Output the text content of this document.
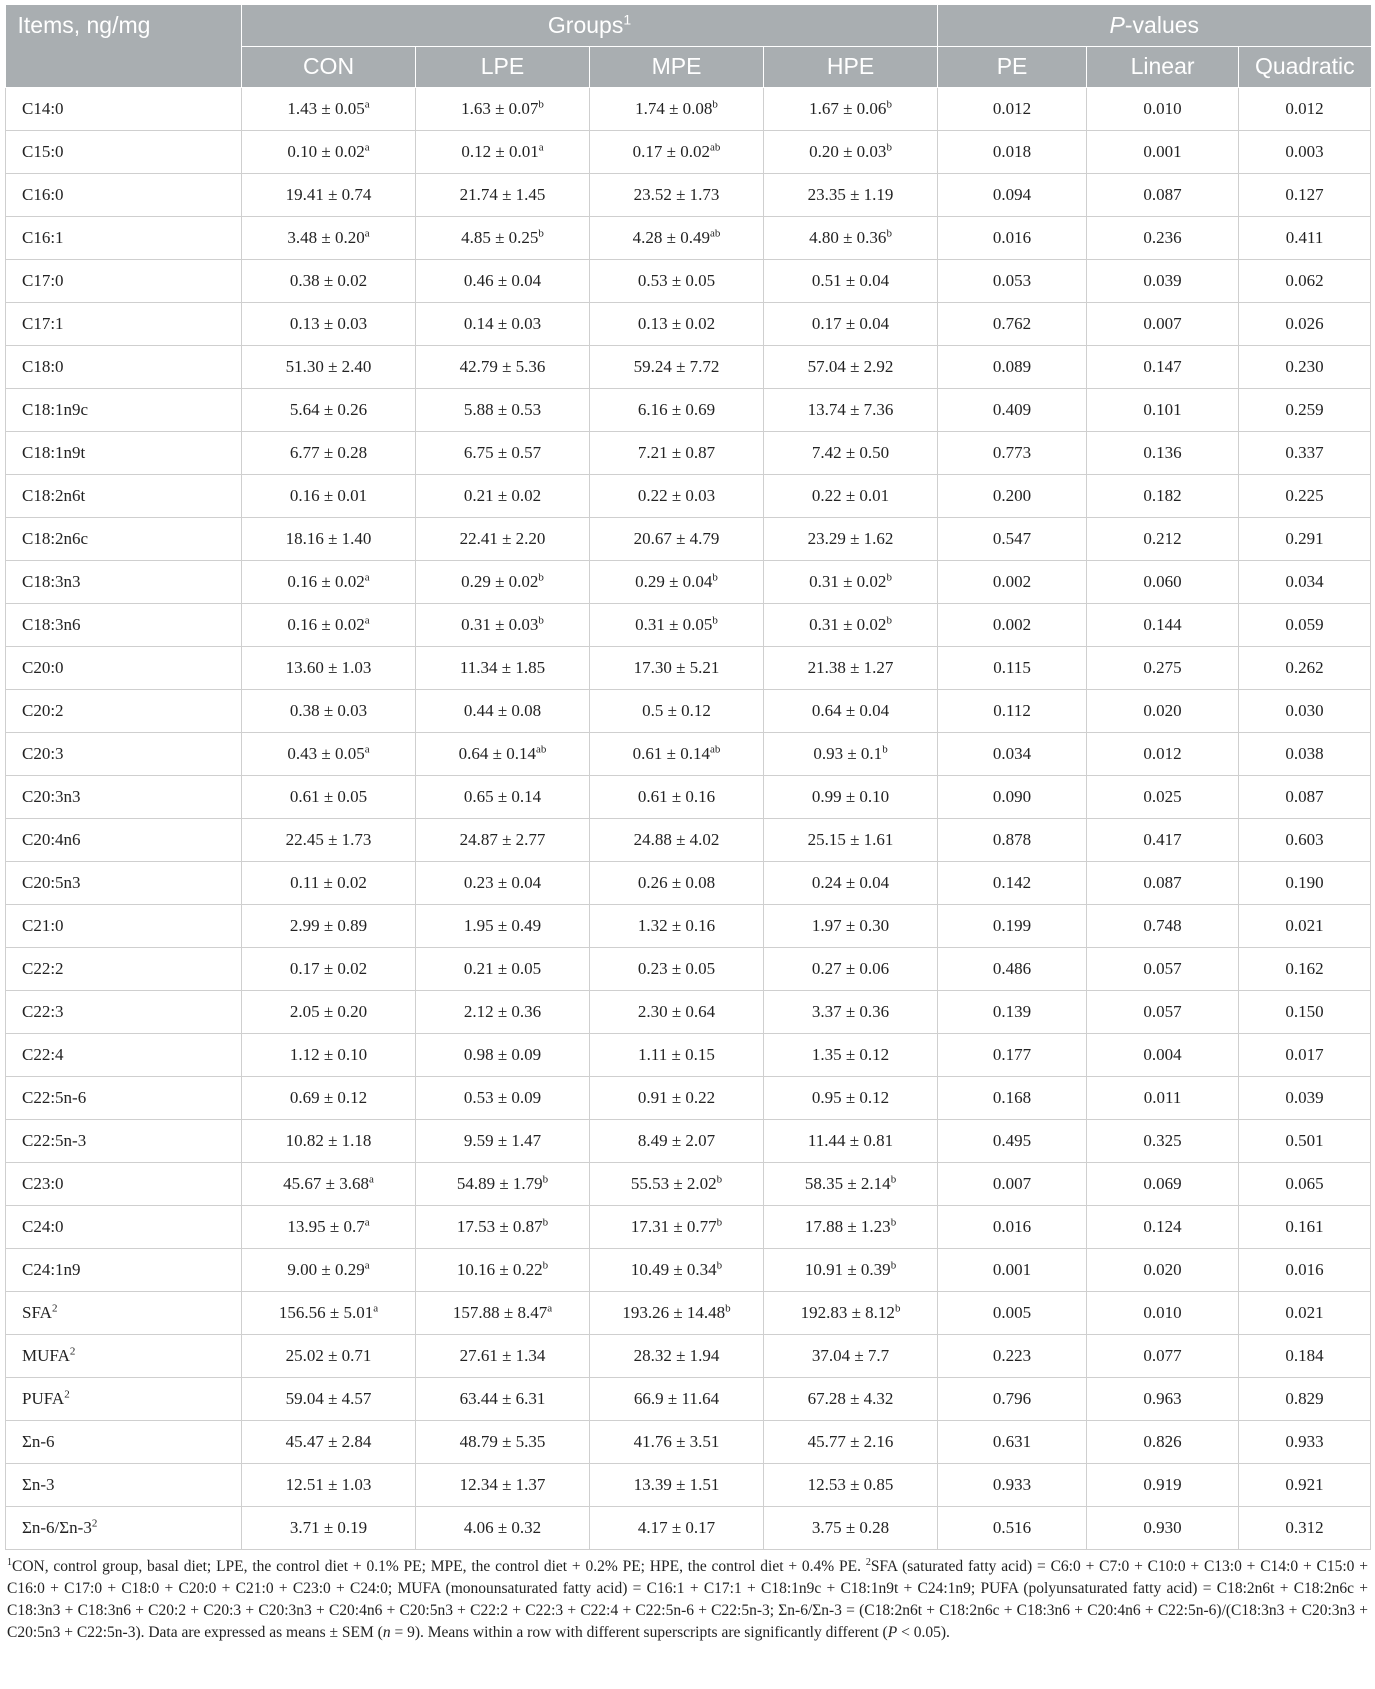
Items, ng/mg	Groups$^1$				P-values		
	CON	LPE	MPE	HPE	PE	Linear	Quadratic
C14:0	1.43 ± 0.05$^a$	1.63 ± 0.07$^b$	1.74 ± 0.08$^b$	1.67 ± 0.06$^b$	0.012	0.010	0.012
C15:0	0.10 ± 0.02$^a$	0.12 ± 0.01$^a$	0.17 ± 0.02$^{ab}$	0.20 ± 0.03$^b$	0.018	0.001	0.003
C16:0	19.41 ± 0.74	21.74 ± 1.45	23.52 ± 1.73	23.35 ± 1.19	0.094	0.087	0.127
C16:1	3.48 ± 0.20$^a$	4.85 ± 0.25$^b$	4.28 ± 0.49$^{ab}$	4.80 ± 0.36$^b$	0.016	0.236	0.411
C17:0	0.38 ± 0.02	0.46 ± 0.04	0.53 ± 0.05	0.51 ± 0.04	0.053	0.039	0.062
C17:1	0.13 ± 0.03	0.14 ± 0.03	0.13 ± 0.02	0.17 ± 0.04	0.762	0.007	0.026
C18:0	51.30 ± 2.40	42.79 ± 5.36	59.24 ± 7.72	57.04 ± 2.92	0.089	0.147	0.230
C18:1n9c	5.64 ± 0.26	5.88 ± 0.53	6.16 ± 0.69	13.74 ± 7.36	0.409	0.101	0.259
C18:1n9t	6.77 ± 0.28	6.75 ± 0.57	7.21 ± 0.87	7.42 ± 0.50	0.773	0.136	0.337
C18:2n6t	0.16 ± 0.01	0.21 ± 0.02	0.22 ± 0.03	0.22 ± 0.01	0.200	0.182	0.225
C18:2n6c	18.16 ± 1.40	22.41 ± 2.20	20.67 ± 4.79	23.29 ± 1.62	0.547	0.212	0.291
C18:3n3	0.16 ± 0.02$^a$	0.29 ± 0.02$^b$	0.29 ± 0.04$^b$	0.31 ± 0.02$^b$	0.002	0.060	0.034
C18:3n6	0.16 ± 0.02$^a$	0.31 ± 0.03$^b$	0.31 ± 0.05$^b$	0.31 ± 0.02$^b$	0.002	0.144	0.059
C20:0	13.60 ± 1.03	11.34 ± 1.85	17.30 ± 5.21	21.38 ± 1.27	0.115	0.275	0.262
C20:2	0.38 ± 0.03	0.44 ± 0.08	0.5 ± 0.12	0.64 ± 0.04	0.112	0.020	0.030
C20:3	0.43 ± 0.05$^a$	0.64 ± 0.14$^{ab}$	0.61 ± 0.14$^{ab}$	0.93 ± 0.1$^b$	0.034	0.012	0.038
C20:3n3	0.61 ± 0.05	0.65 ± 0.14	0.61 ± 0.16	0.99 ± 0.10	0.090	0.025	0.087
C20:4n6	22.45 ± 1.73	24.87 ± 2.77	24.88 ± 4.02	25.15 ± 1.61	0.878	0.417	0.603
C20:5n3	0.11 ± 0.02	0.23 ± 0.04	0.26 ± 0.08	0.24 ± 0.04	0.142	0.087	0.190
C21:0	2.99 ± 0.89	1.95 ± 0.49	1.32 ± 0.16	1.97 ± 0.30	0.199	0.748	0.021
C22:2	0.17 ± 0.02	0.21 ± 0.05	0.23 ± 0.05	0.27 ± 0.06	0.486	0.057	0.162
C22:3	2.05 ± 0.20	2.12 ± 0.36	2.30 ± 0.64	3.37 ± 0.36	0.139	0.057	0.150
C22:4	1.12 ± 0.10	0.98 ± 0.09	1.11 ± 0.15	1.35 ± 0.12	0.177	0.004	0.017
C22:5n-6	0.69 ± 0.12	0.53 ± 0.09	0.91 ± 0.22	0.95 ± 0.12	0.168	0.011	0.039
C22:5n-3	10.82 ± 1.18	9.59 ± 1.47	8.49 ± 2.07	11.44 ± 0.81	0.495	0.325	0.501
C23:0	45.67 ± 3.68$^a$	54.89 ± 1.79$^b$	55.53 ± 2.02$^b$	58.35 ± 2.14$^b$	0.007	0.069	0.065
C24:0	13.95 ± 0.7$^a$	17.53 ± 0.87$^b$	17.31 ± 0.77$^b$	17.88 ± 1.23$^b$	0.016	0.124	0.161
C24:1n9	9.00 ± 0.29$^a$	10.16 ± 0.22$^b$	10.49 ± 0.34$^b$	10.91 ± 0.39$^b$	0.001	0.020	0.016
SFA$^2$	156.56 ± 5.01$^a$	157.88 ± 8.47$^a$	193.26 ± 14.48$^b$	192.83 ± 8.12$^b$	0.005	0.010	0.021
MUFA$^2$	25.02 ± 0.71	27.61 ± 1.34	28.32 ± 1.94	37.04 ± 7.7	0.223	0.077	0.184
PUFA$^2$	59.04 ± 4.57	63.44 ± 6.31	66.9 ± 11.64	67.28 ± 4.32	0.796	0.963	0.829
Σn-6	45.47 ± 2.84	48.79 ± 5.35	41.76 ± 3.51	45.77 ± 2.16	0.631	0.826	0.933
Σn-3	12.51 ± 1.03	12.34 ± 1.37	13.39 ± 1.51	12.53 ± 0.85	0.933	0.919	0.921
$\Sigma n-6/\Sigma n-3^2$	3.71 ± 0.19	4.06 ± 0.32	4.17 ± 0.17	3.75 ± 0.28	0.516	0.930	0.312

$^1$CON, control group, basal diet; LPE, the control diet + 0.1% PE; MPE, the control diet + 0.2% PE; HPE, the control diet + 0.4% PE. $^2$SFA (saturated fatty acid) = C6:0 + C7:0 + C10:0 + C13:0 + C14:0 + C15:0 + C16:0 + C17:0 + C18:0 + C20:0 + C21:0 + C23:0 + C24:0; MUFA (monounsaturated fatty acid) = C16:1 + C17:1 + C18:1n9c + C18:1n9t + C24:1n9; PUFA (polyunsaturated fatty acid) = C18:2n6t + C18:2n6c + C18:3n3 + C18:3n6 + C20:2 + C20:3 + C20:3n3 + C20:4n6 + C20:5n3 + C22:2 + C22:3 + C22:4 + C22:5n-6 + C22:5n-3; Σn-6/Σn-3 = (C18:2n6t + C18:2n6c + C18:3n6 + C20:4n6 + C22:5n-6)/(C18:3n3 + C20:3n3 + C20:5n3 + C22:5n-3). Data are expressed as means ± SEM (n = 9). Means within a row with different superscripts are significantly different (P < 0.05).
